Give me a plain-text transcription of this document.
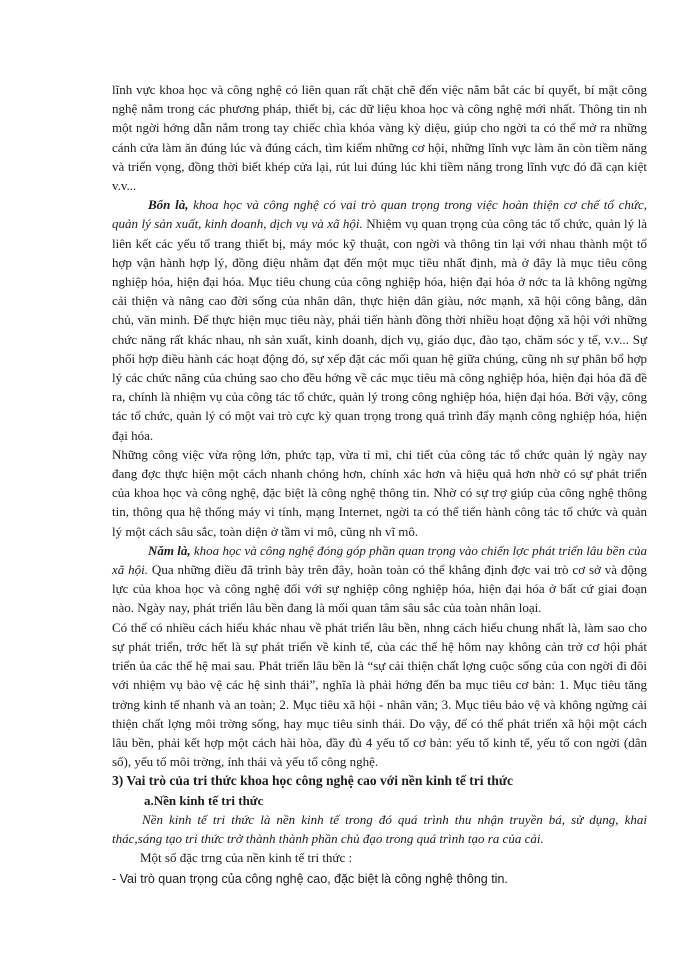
lĩnh vực khoa học và công nghệ có liên quan rất chặt chẽ đến việc nắm bắt các bí quyết, bí mật công nghệ nằm trong các phương pháp, thiết bị, các dữ liệu khoa học và công nghệ mới nhất. Thông tin nh một ngời hớng dẫn nắm trong tay chiếc chìa khóa vàng kỳ diệu, giúp cho ngời ta có thể mở ra những cánh cửa làm ăn đúng lúc và đúng cách, tìm kiếm những cơ hội, những lĩnh vực làm ăn còn tiềm năng và triển vọng, đồng thời biết khép cửa lại, rút lui đúng lúc khi tiềm năng trong lĩnh vực đó đã cạn kiệt v.v...

Bốn là, khoa học và công nghệ có vai trò quan trọng trong việc hoàn thiện cơ chế tổ chức, quản lý sản xuất, kinh doanh, dịch vụ và xã hội. Nhiệm vụ quan trọng của công tác tổ chức, quản lý là liên kết các yếu tố trang thiết bị, máy móc kỹ thuật, con ngời và thông tin lại với nhau thành một tổ hợp vận hành hợp lý, đồng điệu nhằm đạt đến một mục tiêu nhất định, mà ở đây là mục tiêu công nghiệp hóa, hiện đại hóa. Mục tiêu chung của công nghiệp hóa, hiện đại hóa ở nớc ta là không ngừng cải thiện và nâng cao đời sống của nhân dân, thực hiện dân giàu, nớc mạnh, xã hội công bằng, dân chủ, văn minh. Để thực hiện mục tiêu này, phải tiến hành đồng thời nhiều hoạt động xã hội với những chức năng rất khác nhau, nh sản xuất, kinh doanh, dịch vụ, giáo dục, đào tạo, chăm sóc y tế, v.v... Sự phối hợp điều hành các hoạt động đó, sự xếp đặt các mối quan hệ giữa chúng, cũng nh sự phân bổ hợp lý các chức năng của chúng sao cho đều hớng về các mục tiêu mà công nghiệp hóa, hiện đại hóa đã đề ra, chính là nhiệm vụ của công tác tổ chức, quản lý trong công nghiệp hóa, hiện đại hóa. Bởi vậy, công tác tổ chức, quản lý có một vai trò cực kỳ quan trọng trong quá trình đẩy mạnh công nghiệp hóa, hiện đại hóa.

Những công việc vừa rộng lớn, phức tạp, vừa tỉ mỉ, chi tiết của công tác tổ chức quản lý ngày nay đang đợc thực hiện một cách nhanh chóng hơn, chính xác hơn và hiệu quả hơn nhờ có sự phát triển của khoa học và công nghệ, đặc biệt là công nghệ thông tin. Nhờ có sự trợ giúp của công nghệ thông tin, thông qua hệ thống máy vi tính, mạng Internet, ngời ta có thể tiến hành công tác tổ chức và quản lý một cách sâu sắc, toàn diện ở tầm vi mô, cũng nh vĩ mô.

Năm là, khoa học và công nghệ đóng góp phần quan trọng vào chiến lợc phát triển lâu bền của xã hội. Qua những điều đã trình bày trên đây, hoàn toàn có thể khẳng định đợc vai trò cơ sở và động lực của khoa học và công nghệ đối với sự nghiệp công nghiệp hóa, hiện đại hóa ở bất cứ giai đoạn nào. Ngày nay, phát triển lâu bền đang là mối quan tâm sâu sắc của toàn nhân loại.

Có thể có nhiều cách hiểu khác nhau về phát triển lâu bền, nhng cách hiểu chung nhất là, làm sao cho sự phát triển, trớc hết là sự phát triển về kinh tế, của các thế hệ hôm nay không cản trở cơ hội phát triển ủa các thế hệ mai sau. Phát triển lâu bền là “sự cải thiện chất lợng cuộc sống của con ngời đi đôi với nhiệm vụ bảo vệ các hệ sinh thái”, nghĩa là phải hớng đến ba mục tiêu cơ bản: 1. Mục tiêu tăng trởng kinh tế nhanh và an toàn; 2. Mục tiêu xã hội - nhân văn; 3. Mục tiêu bảo vệ và không ngừng cải thiện chất lợng môi trờng sống, hay mục tiêu sinh thái. Do vậy, để có thể phát triển xã hội một cách lâu bền, phải kết hợp một cách hài hòa, đầy đủ 4 yếu tố cơ bản: yếu tố kinh tế, yếu tố con ngời (dân số), yếu tố môi trờng, ính thái và yếu tố công nghệ.

3) Vai trò của tri thức khoa học công nghệ cao với nền kinh tế tri thức

a.Nền kinh tế tri thức

Nền kinh tế tri thức là nền kinh tế trong đó quá trình thu nhận truyền bá, sử dụng, khai thác,sáng tạo tri thức trở thành thành phần chủ đạo trong quá trình tạo ra của cải.

Một số đặc trng của nền kinh tế tri thức :

- Vai trò quan trọng của công nghệ cao, đặc biệt là công nghệ thông tin.
